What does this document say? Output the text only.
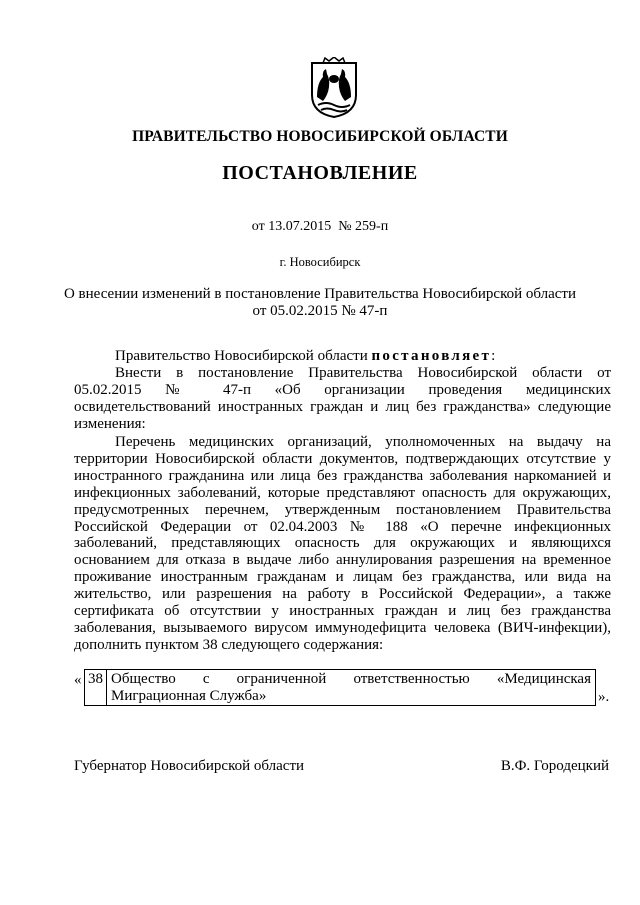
ПРАВИТЕЛЬСТВО НОВОСИБИРСКОЙ ОБЛАСТИ
ПОСТАНОВЛЕНИЕ
от 13.07.2015  № 259-п
г. Новосибирск
О внесении изменений в постановление Правительства Новосибирской области
от 05.02.2015 № 47-п

Правительство Новосибирской области постановляет:

Внести в постановление Правительства Новосибирской области от 05.02.2015 № 47-п «Об организации проведения медицинских освидетельствований иностранных граждан и лиц без гражданства» следующие изменения:

Перечень медицинских организаций, уполномоченных на выдачу на территории Новосибирской области документов, подтверждающих отсутствие у иностранного гражданина или лица без гражданства заболевания наркоманией и инфекционных заболеваний, которые представляют опасность для окружающих, предусмотренных перечнем, утвержденным постановлением Правительства Российской Федерации от 02.04.2003 № 188 «О перечне инфекционных заболеваний, представляющих опасность для окружающих и являющихся основанием для отказа в выдаче либо аннулирования разрешения на временное проживание иностранным гражданам и лицам без гражданства, или вида на жительство, или разрешения на работу в Российской Федерации», а также сертификата об отсутствии у иностранных граждан и лиц без гражданства заболевания, вызываемого вирусом иммунодефицита человека (ВИЧ-инфекции), дополнить пунктом 38 следующего содержания:

« 38	Общество с ограниченной ответственностью «Медицинская Миграционная Служба»	».
Губернатор Новосибирской области	В.Ф. Городецкий
